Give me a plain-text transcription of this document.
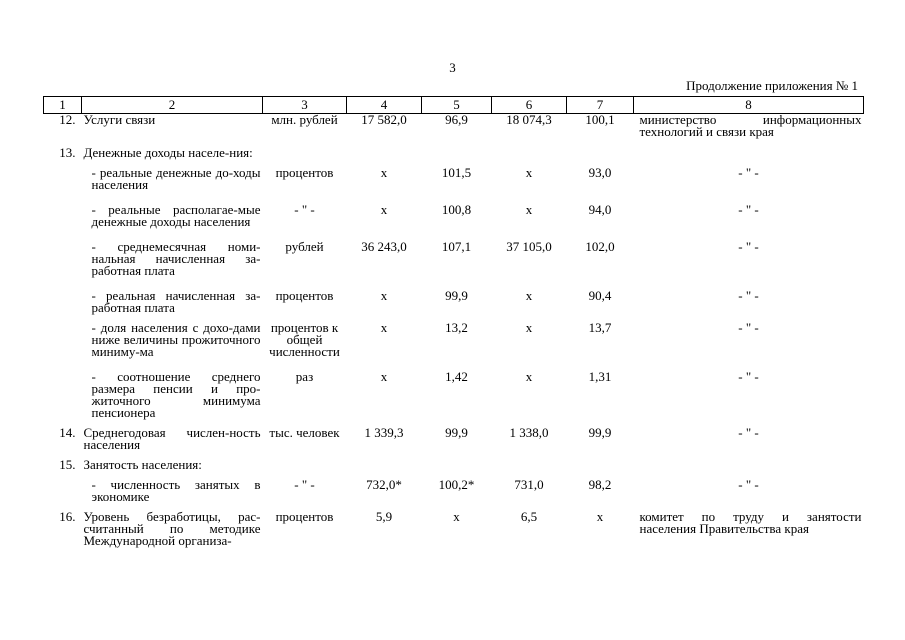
3
Продолжение приложения № 1
1	2	3	4	5	6	7	8
12.	Услуги связи	млн. рублей	17 582,0	96,9	18 074,3	100,1	министерство информационных технологий и связи края
13.	Денежные доходы населе-ния:						
	- реальные денежные до-ходы населения	процентов	x	101,5	x	93,0	- " -
	- реальные располагае-мые денежные доходы населения	- " -	x	100,8	x	94,0	- " -
	- среднемесячная номи-нальная начисленная за-работная плата	рублей	36 243,0	107,1	37 105,0	102,0	- " -
	- реальная начисленная за-работная плата	процентов	x	99,9	x	90,4	- " -
	- доля населения с дохо-дами ниже величины прожиточного миниму-ма	процентов к общей численности	x	13,2	x	13,7	- " -
	- соотношение среднего размера пенсии и про-житочного минимума пенсионера	раз	x	1,42	x	1,31	- " -
14.	Среднегодовая числен-ность населения	тыс. человек	1 339,3	99,9	1 338,0	99,9	- " -
15.	Занятость населения:						
	- численность занятых в экономике	- " -	732,0*	100,2*	731,0	98,2	- " -
16.	Уровень безработицы, рас-считанный по методике Международной организа-	процентов	5,9	x	6,5	x	комитет по труду и занятости населения Правительства края
